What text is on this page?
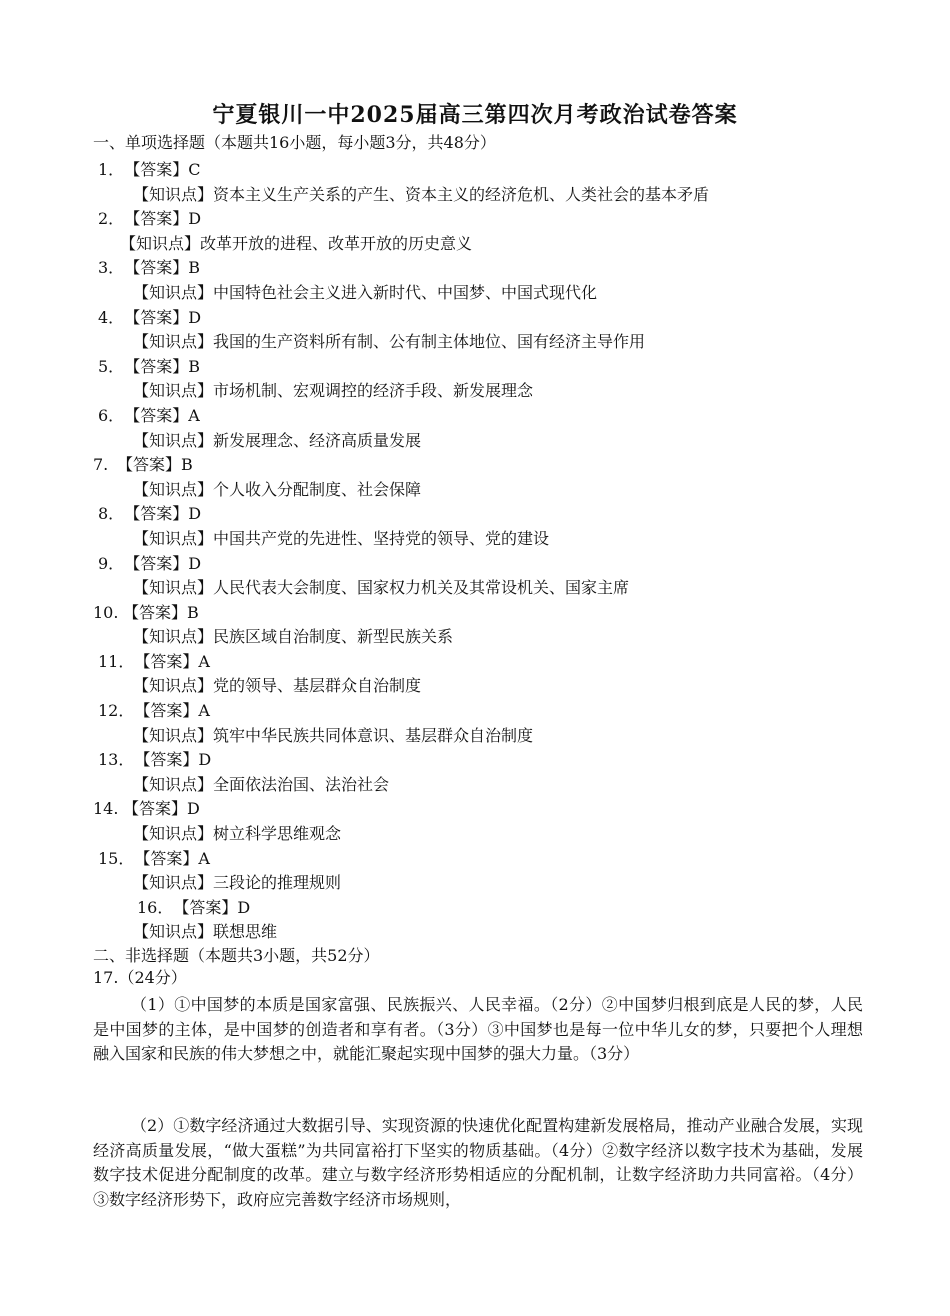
宁夏银川一中2025届高三第四次月考政治试卷答案
一、单项选择题（本题共16小题，每小题3分，共48分）
1．【答案】C
【知识点】资本主义生产关系的产生、资本主义的经济危机、人类社会的基本矛盾
2．【答案】D
【知识点】改革开放的进程、改革开放的历史意义
3．【答案】B
【知识点】中国特色社会主义进入新时代、中国梦、中国式现代化
4．【答案】D
【知识点】我国的生产资料所有制、公有制主体地位、国有经济主导作用
5．【答案】B
【知识点】市场机制、宏观调控的经济手段、新发展理念
6．【答案】A
【知识点】新发展理念、经济高质量发展
7. 【答案】B
【知识点】个人收入分配制度、社会保障
8．【答案】D
【知识点】中国共产党的先进性、坚持党的领导、党的建设
9．【答案】D
【知识点】人民代表大会制度、国家权力机关及其常设机关、国家主席
10. 【答案】B
【知识点】民族区域自治制度、新型民族关系
11．【答案】A
【知识点】党的领导、基层群众自治制度
12．【答案】A
【知识点】筑牢中华民族共同体意识、基层群众自治制度
13．【答案】D
【知识点】全面依法治国、法治社会
14. 【答案】D
【知识点】树立科学思维观念
15．【答案】A
【知识点】三段论的推理规则
16．【答案】D
【知识点】联想思维
二、非选择题（本题共3小题，共52分）
17.（24分）
（1）①中国梦的本质是国家富强、民族振兴、人民幸福。（2分）②中国梦归根到底是人民的梦，人民是中国梦的主体，是中国梦的创造者和享有者。（3分）③中国梦也是每一位中华儿女的梦，只要把个人理想融入国家和民族的伟大梦想之中，就能汇聚起实现中国梦的强大力量。（3分）
（2）①数字经济通过大数据引导、实现资源的快速优化配置构建新发展格局，推动产业融合发展，实现经济高质量发展，“做大蛋糕”为共同富裕打下坚实的物质基础。（4分）②数字经济以数字技术为基础，发展数字技术促进分配制度的改革。建立与数字经济形势相适应的分配机制，让数字经济助力共同富裕。（4分）③数字经济形势下，政府应完善数字经济市场规则，
